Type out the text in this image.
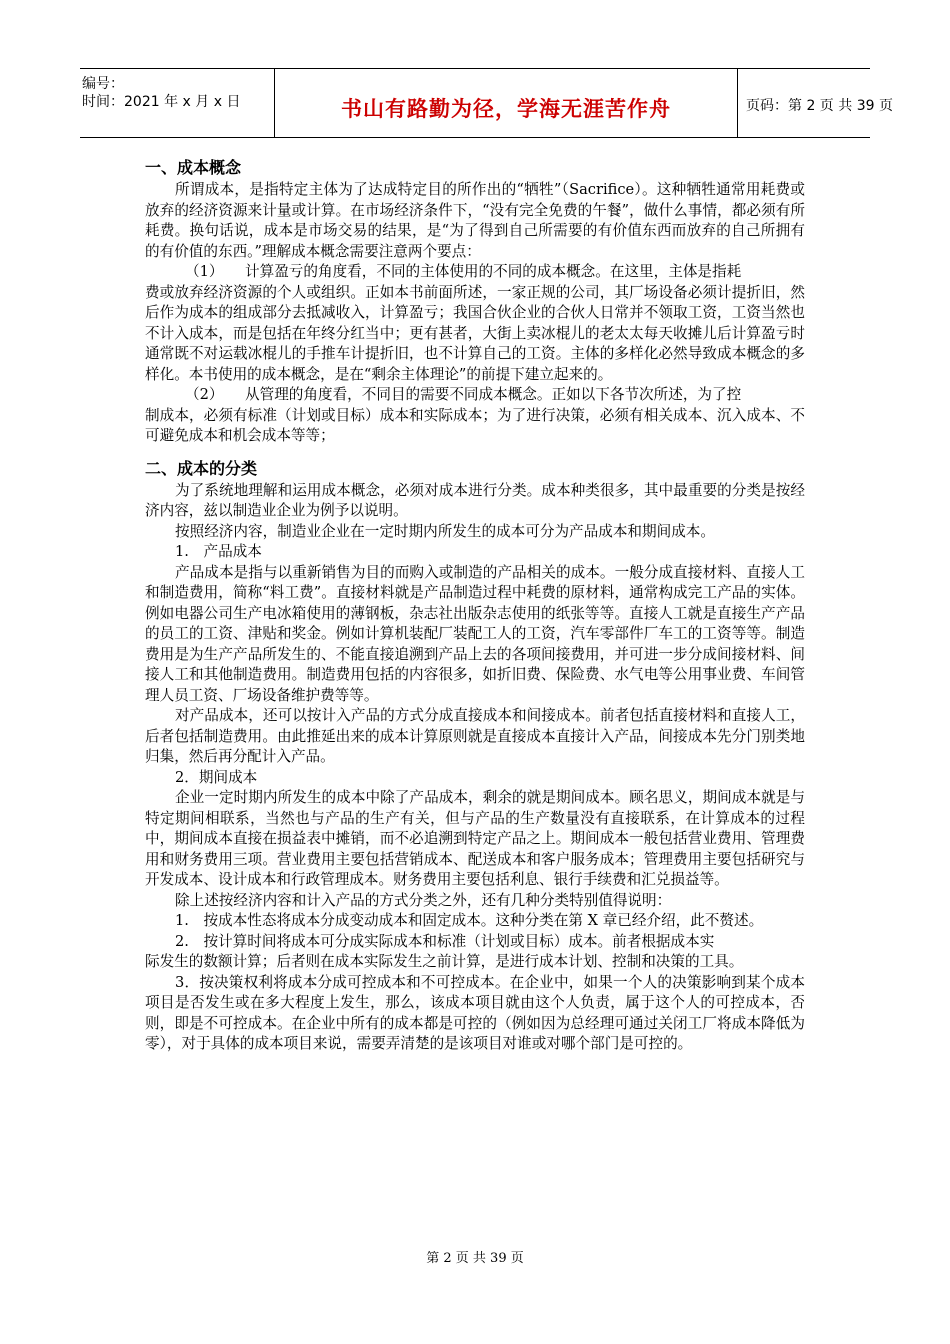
编号：
时间：2021 年 x 月 x 日	书山有路勤为径，学海无涯苦作舟	页码：第 2 页 共 39 页
一、成本概念

所谓成本，是指特定主体为了达成特定目的所作出的“牺牲”（Sacrifice）。这种牺牲通常用耗费或放弃的经济资源来计量或计算。在市场经济条件下，“没有完全免费的午餐”，做什么事情，都必须有所耗费。换句话说，成本是市场交易的结果，是“为了得到自己所需要的有价值东西而放弃的自己所拥有的有价值的东西。”理解成本概念需要注意两个要点：

（1）	计算盈亏的角度看，不同的主体使用的不同的成本概念。在这里，主体是指耗

费或放弃经济资源的个人或组织。正如本书前面所述，一家正规的公司，其厂场设备必须计提折旧，然后作为成本的组成部分去抵减收入，计算盈亏；我国合伙企业的合伙人日常并不领取工资，工资当然也不计入成本，而是包括在年终分红当中；更有甚者，大街上卖冰棍儿的老太太每天收摊儿后计算盈亏时通常既不对运载冰棍儿的手推车计提折旧，也不计算自己的工资。主体的多样化必然导致成本概念的多样化。本书使用的成本概念，是在“剩余主体理论”的前提下建立起来的。

（2）	从管理的角度看，不同目的需要不同成本概念。正如以下各节次所述，为了控

制成本，必须有标准（计划或目标）成本和实际成本；为了进行决策，必须有相关成本、沉入成本、不可避免成本和机会成本等等；

二、成本的分类

为了系统地理解和运用成本概念，必须对成本进行分类。成本种类很多，其中最重要的分类是按经济内容，兹以制造业企业为例予以说明。

按照经济内容，制造业企业在一定时期内所发生的成本可分为产品成本和期间成本。

1.　产品成本

产品成本是指与以重新销售为目的而购入或制造的产品相关的成本。一般分成直接材料、直接人工和制造费用，简称“料工费”。直接材料就是产品制造过程中耗费的原材料，通常构成完工产品的实体。例如电器公司生产电冰箱使用的薄钢板，杂志社出版杂志使用的纸张等等。直接人工就是直接生产产品的员工的工资、津贴和奖金。例如计算机装配厂装配工人的工资，汽车零部件厂车工的工资等等。制造费用是为生产产品所发生的、不能直接追溯到产品上去的各项间接费用，并可进一步分成间接材料、间接人工和其他制造费用。制造费用包括的内容很多，如折旧费、保险费、水气电等公用事业费、车间管理人员工资、厂场设备维护费等等。

对产品成本，还可以按计入产品的方式分成直接成本和间接成本。前者包括直接材料和直接人工，后者包括制造费用。由此推延出来的成本计算原则就是直接成本直接计入产品，间接成本先分门别类地归集，然后再分配计入产品。

2．期间成本

企业一定时期内所发生的成本中除了产品成本，剩余的就是期间成本。顾名思义，期间成本就是与特定期间相联系，当然也与产品的生产有关，但与产品的生产数量没有直接联系，在计算成本的过程中，期间成本直接在损益表中摊销，而不必追溯到特定产品之上。期间成本一般包括营业费用、管理费用和财务费用三项。营业费用主要包括营销成本、配送成本和客户服务成本；管理费用主要包括研究与开发成本、设计成本和行政管理成本。财务费用主要包括利息、银行手续费和汇兑损益等。

除上述按经济内容和计入产品的方式分类之外，还有几种分类特别值得说明：

1.　按成本性态将成本分成变动成本和固定成本。这种分类在第 X 章已经介绍，此不赘述。

2.　按计算时间将成本可分成实际成本和标准（计划或目标）成本。前者根据成本实

际发生的数额计算；后者则在成本实际发生之前计算，是进行成本计划、控制和决策的工具。

3．按决策权利将成本分成可控成本和不可控成本。在企业中，如果一个人的决策影响到某个成本项目是否发生或在多大程度上发生，那么，该成本项目就由这个人负责，属于这个人的可控成本，否则，即是不可控成本。在企业中所有的成本都是可控的（例如因为总经理可通过关闭工厂将成本降低为零），对于具体的成本项目来说，需要弄清楚的是该项目对谁或对哪个部门是可控的。

第 2 页 共 39 页
